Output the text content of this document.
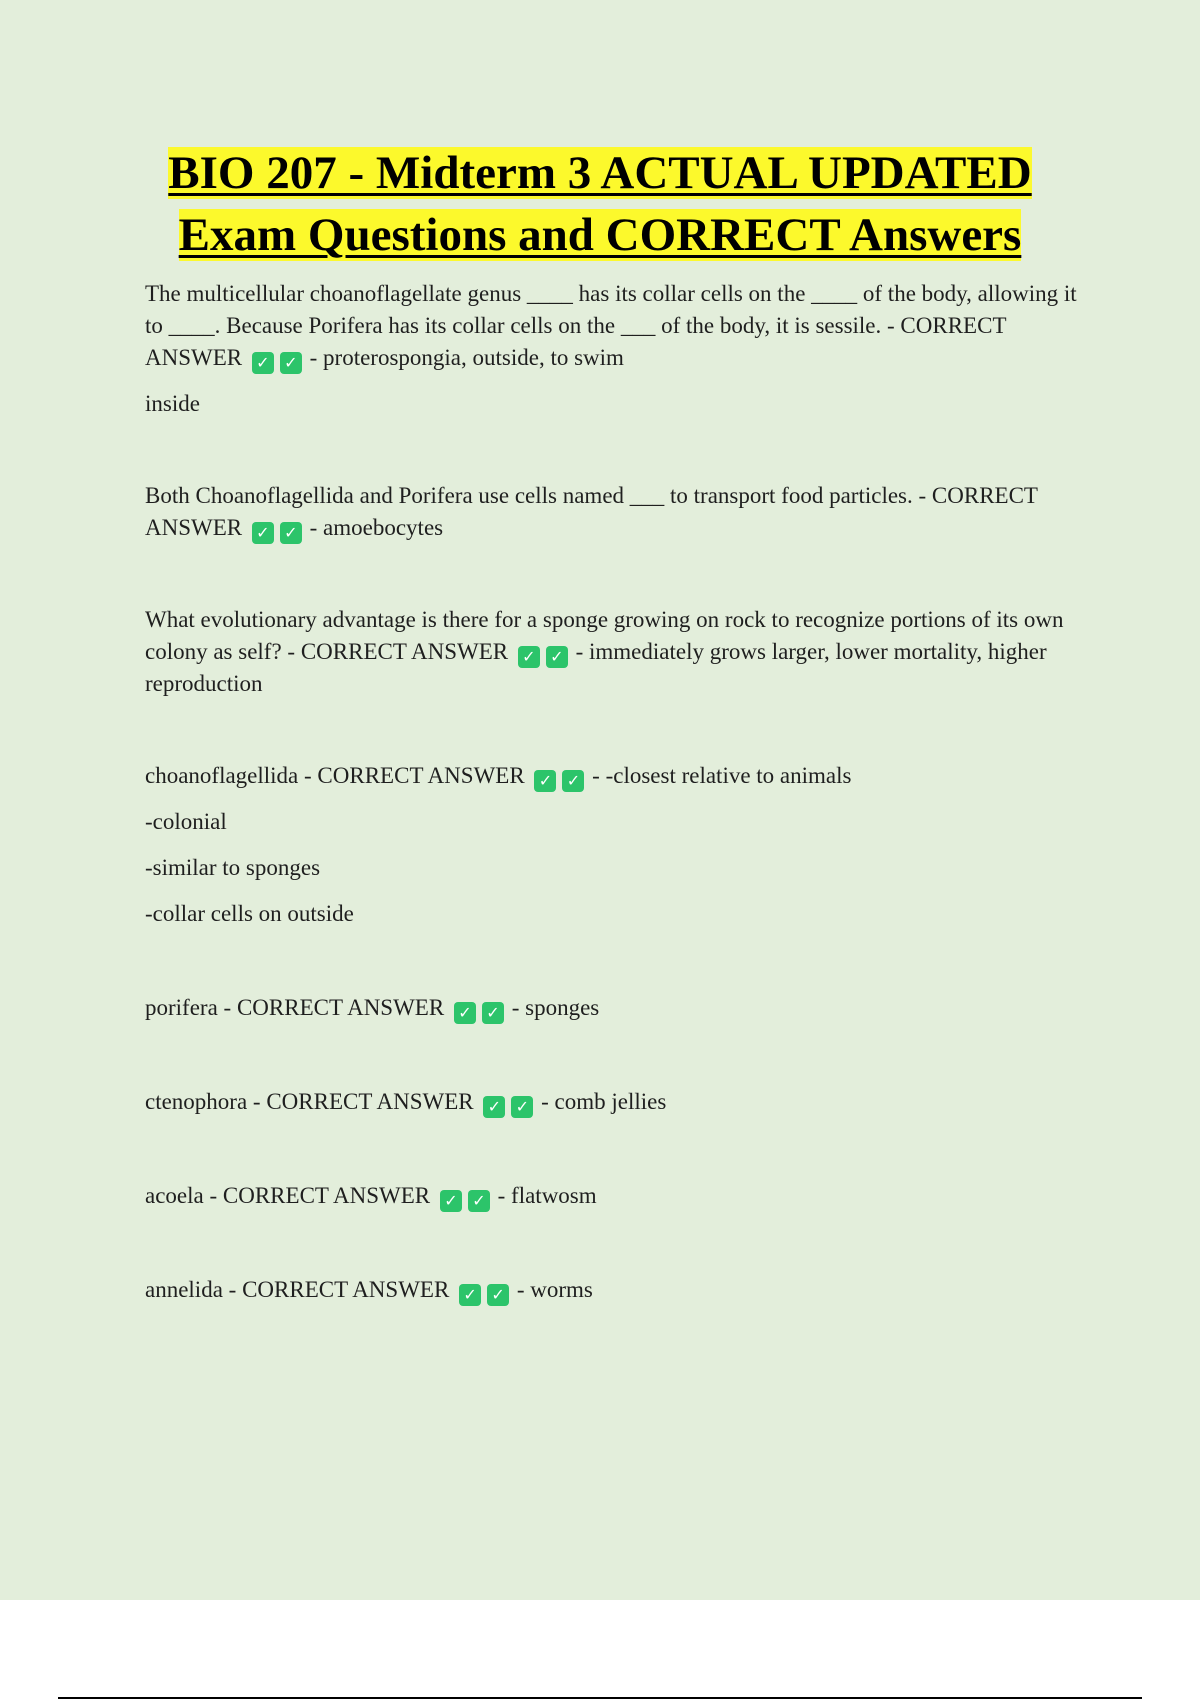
BIO 207 - Midterm 3 ACTUAL UPDATED
Exam Questions and CORRECT Answers

The multicellular choanoflagellate genus ____ has its collar cells on the ____ of the body, allowing it to ____. Because Porifera has its collar cells on the ___ of the body, it is sessile. - CORRECT ANSWER ✓ ✓ - proterospongia, outside, to swim

inside

Both Choanoflagellida and Porifera use cells named ___ to transport food particles. - CORRECT ANSWER ✓ ✓ - amoebocytes

What evolutionary advantage is there for a sponge growing on rock to recognize portions of its own colony as self? - CORRECT ANSWER ✓ ✓ - immediately grows larger, lower mortality, higher reproduction

choanoflagellida - CORRECT ANSWER ✓ ✓ - -closest relative to animals

-colonial

-similar to sponges

-collar cells on outside

porifera - CORRECT ANSWER ✓ ✓ - sponges

ctenophora - CORRECT ANSWER ✓ ✓ - comb jellies

acoela - CORRECT ANSWER ✓ ✓ - flatwosm

annelida - CORRECT ANSWER ✓ ✓ - worms
